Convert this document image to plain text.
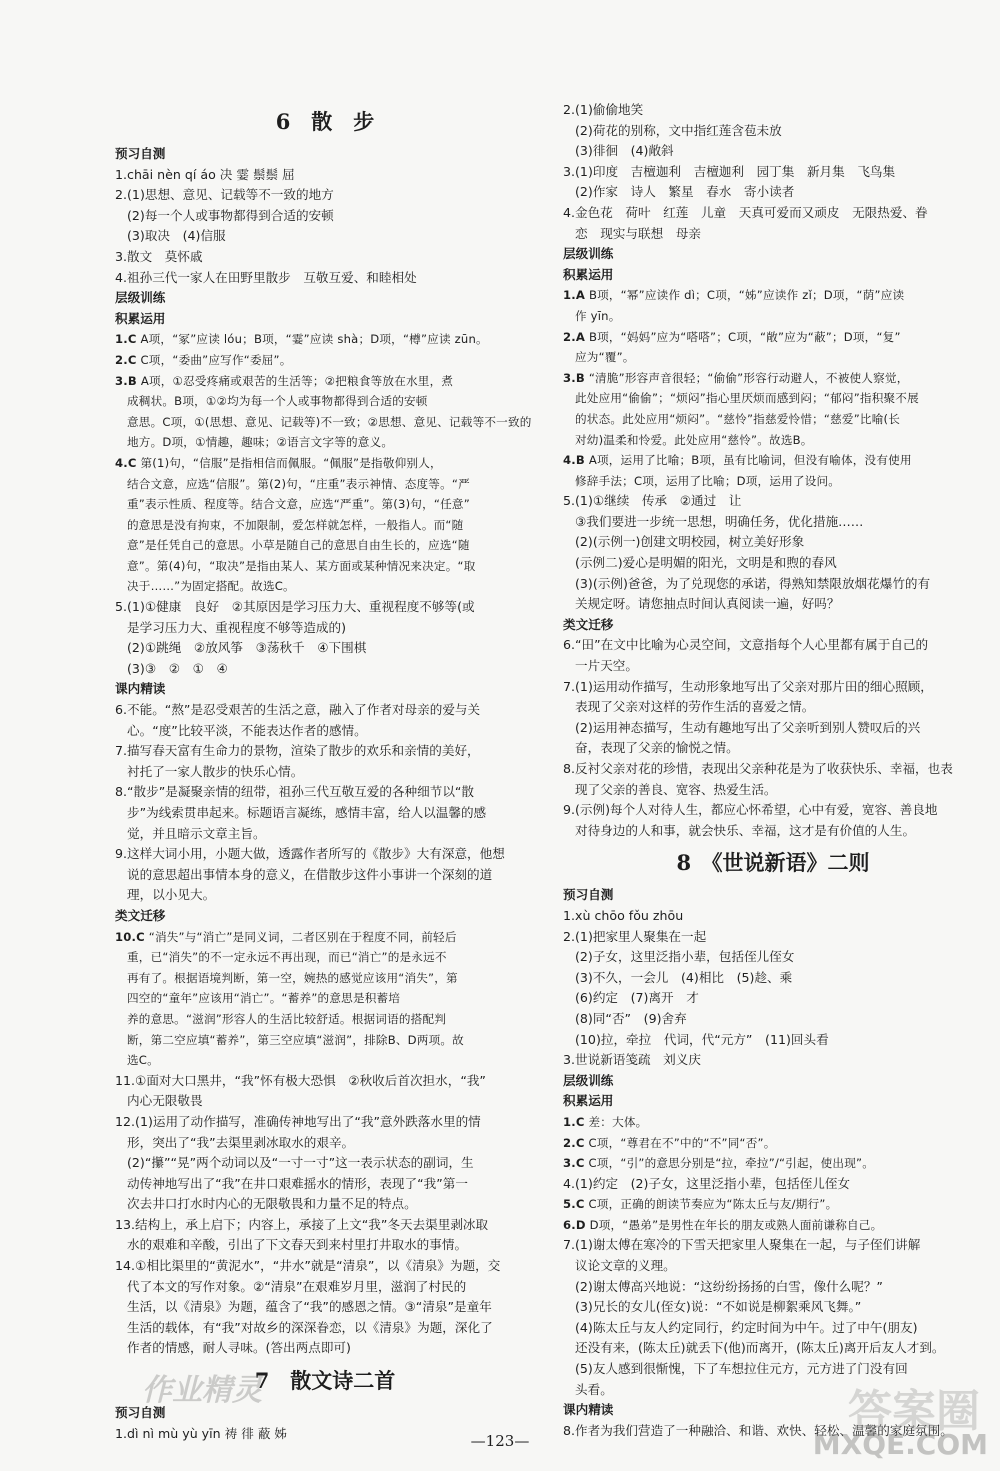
6　散　步
预习自测
1.chāi nèn qí áo 决 霎 鬃鬃 屈
2.(1)思想、意见、记载等不一致的地方
(2)每一个人或事物都得到合适的安顿
(3)取决　(4)信服
3.散文　莫怀戚
4.祖孙三代一家人在田野里散步　互敬互爱、和睦相处
层级训练
积累运用
1.C A项，“冢”应读 lóu；B项，“霎”应读 shà；D项，“樽”应读 zūn。
2.C C项，“委曲”应写作“委屈”。
3.B A项，①忍受疼痛或艰苦的生活等；②把粮食等放在水里，煮
成稠状。B项，①②均为每一个人或事物都得到合适的安顿
意思。C项，①(思想、意见、记载等)不一致；②思想、意见、记载等不一致的
地方。D项，①情趣，趣味；②语言文字等的意义。
4.C 第(1)句，“信服”是指相信而佩服。“佩服”是指敬仰别人，
结合文意，应选“信服”。第(2)句，“庄重”表示神情、态度等。“严
重”表示性质、程度等。结合文意，应选“严重”。第(3)句，“任意”
的意思是没有拘束，不加限制，爱怎样就怎样，一般指人。而“随
意”是任凭自己的意思。小草是随自己的意思自由生长的，应选“随
意”。第(4)句，“取决”是指由某人、某方面或某种情况来决定。“取
决于……”为固定搭配。故选C。
5.(1)①健康　良好　②其原因是学习压力大、重视程度不够等(或
是学习压力大、重视程度不够等造成的)
(2)①跳绳　②放风筝　③荡秋千　④下围棋
(3)③　②　①　④
课内精读
6.不能。“熬”是忍受艰苦的生活之意，融入了作者对母亲的爱与关
心。“度”比较平淡，不能表达作者的感情。
7.描写春天富有生命力的景物，渲染了散步的欢乐和亲情的美好，
衬托了一家人散步的快乐心情。
8.“散步”是凝聚亲情的纽带，祖孙三代互敬互爱的各种细节以“散
步”为线索贯串起来。标题语言凝练，感情丰富，给人以温馨的感
觉，并且暗示文章主旨。
9.这样大词小用，小题大做，透露作者所写的《散步》大有深意，他想
说的意思超出事情本身的意义，在借散步这件小事讲一个深刻的道
理，以小见大。
类文迁移
10.C “消失”与“消亡”是同义词，二者区别在于程度不同，前轻后
重，已“消失”的不一定永远不再出现，而已“消亡”的是永远不
再有了。根据语境判断，第一空，婉热的感觉应该用“消失”，第
四空的“童年”应该用“消亡”。“蓄养”的意思是积蓄培
养的意思。“滋润”形容人的生活比较舒适。根据词语的搭配判
断，第二空应填“蓄养”，第三空应填“滋润”，排除B、D两项。故
选C。
11.①面对大口黑井，“我”怀有极大恐惧　②秋收后首次担水，“我”
内心无限敬畏
12.(1)运用了动作描写，准确传神地写出了“我”意外跌落水里的情
形，突出了“我”去渠里剥冰取水的艰辛。
(2)“攥”“晃”两个动词以及“一寸一寸”这一表示状态的副词，生
动传神地写出了“我”在井口艰难摇水的情形，表现了“我”第一
次去井口打水时内心的无限敬畏和力量不足的特点。
13.结构上，承上启下；内容上，承接了上文“我”冬天去渠里剥冰取
水的艰难和辛酸，引出了下文春天到来村里打井取水的事情。
14.①相比渠里的“黄泥水”，“井水”就是“清泉”，以《清泉》为题，交
代了本文的写作对象。②“清泉”在艰难岁月里，滋润了村民的
生活，以《清泉》为题，蕴含了“我”的感恩之情。③“清泉”是童年
生活的载体，有“我”对故乡的深深眷恋，以《清泉》为题，深化了
作者的情感，耐人寻味。(答出两点即可)
7　散文诗二首
预习自测
1.dì nì mù yù yīn 祷 徘 蔽 姊
2.(1)偷偷地笑
(2)荷花的别称，文中指红莲含苞未放
(3)徘徊　(4)敞斜
3.(1)印度　吉檀迦利　吉檀迦利　园丁集　新月集　飞鸟集
(2)作家　诗人　繁星　春水　寄小读者
4.金色花　荷叶　红莲　儿童　天真可爱而又顽皮　无限热爱、眷
恋　现实与联想　母亲
层级训练
积累运用
1.A B项，“幂”应读作 dì；C项，“姊”应读作 zǐ；D项，“荫”应读
作 yīn。
2.A B项，“妈妈”应为“嗒嗒”；C项，“敞”应为“蔽”；D项，“复”
应为“覆”。
3.B “清脆”形容声音很轻；“偷偷”形容行动避人，不被使人察觉，
此处应用“偷偷”；“烦闷”指心里厌烦而感到闷；“郁闷”指积聚不展
的状态。此处应用“烦闷”。“慈怜”指慈爱怜惜；“慈爱”比喻(长
对幼)温柔和怜爱。此处应用“慈怜”。故选B。
4.B A项，运用了比喻；B项，虽有比喻词，但没有喻体，没有使用
修辞手法；C项，运用了比喻；D项，运用了设问。
5.(1)①继续　传承　②通过　让
③我们要进一步统一思想，明确任务，优化措施……
(2)(示例一)创建文明校园，树立美好形象
(示例二)爱心是明媚的阳光，文明是和煦的春风
(3)(示例)爸爸，为了兑现您的承诺，得熟知禁限放烟花爆竹的有
关规定呀。请您抽点时间认真阅读一遍，好吗？
类文迁移
6.“田”在文中比喻为心灵空间，文意指每个人心里都有属于自己的
一片天空。
7.(1)运用动作描写，生动形象地写出了父亲对那片田的细心照顾，
表现了父亲对这样的劳作生活的喜爱之情。
(2)运用神态描写，生动有趣地写出了父亲听到别人赞叹后的兴
奋，表现了父亲的愉悦之情。
8.反衬父亲对花的珍惜，表现出父亲种花是为了收获快乐、幸福，也表
现了父亲的善良、宽容、热爱生活。
9.(示例)每个人对待人生，都应心怀希望，心中有爱，宽容、善良地
对待身边的人和事，就会快乐、幸福，这才是有价值的人生。
8　《世说新语》二则
预习自测
1.xù chōo fǒu zhōu
2.(1)把家里人聚集在一起
(2)子女，这里泛指小辈，包括侄儿侄女
(3)不久，一会儿　(4)相比　(5)趁、乘
(6)约定　(7)离开　才
(8)同“否”　(9)舍弃
(10)拉，牵拉　代词，代“元方”　(11)回头看
3.世说新语笺疏　刘义庆
层级训练
积累运用
1.C 差：大体。
2.C C项，“尊君在不”中的“不”同“否”。
3.C C项，“引”的意思分别是“拉，牵拉”/“引起，使出现”。
4.(1)约定　(2)子女，这里泛指小辈，包括侄儿侄女
5.C C项，正确的朗读节奏应为“陈太丘与友/期行”。
6.D D项，“愚弟”是男性在年长的朋友或熟人面前谦称自己。
7.(1)谢太傅在寒冷的下雪天把家里人聚集在一起，与子侄们讲解
议论文章的义理。
(2)谢太傅高兴地说：“这纷纷扬扬的白雪，像什么呢？”
(3)兄长的女儿(侄女)说：“不如说是柳絮乘风飞舞。”
(4)陈太丘与友人约定同行，约定时间为中午。过了中午(朋友)
还没有来，(陈太丘)就丢下(他)而离开，(陈太丘)离开后友人才到。
(5)友人感到很惭愧，下了车想拉住元方，元方进了门没有回
头看。
课内精读
8.作者为我们营造了一种融洽、和谐、欢快、轻松、温馨的家庭氛围。
— 123 —
作业精灵	答案圈
MXQE.COM
